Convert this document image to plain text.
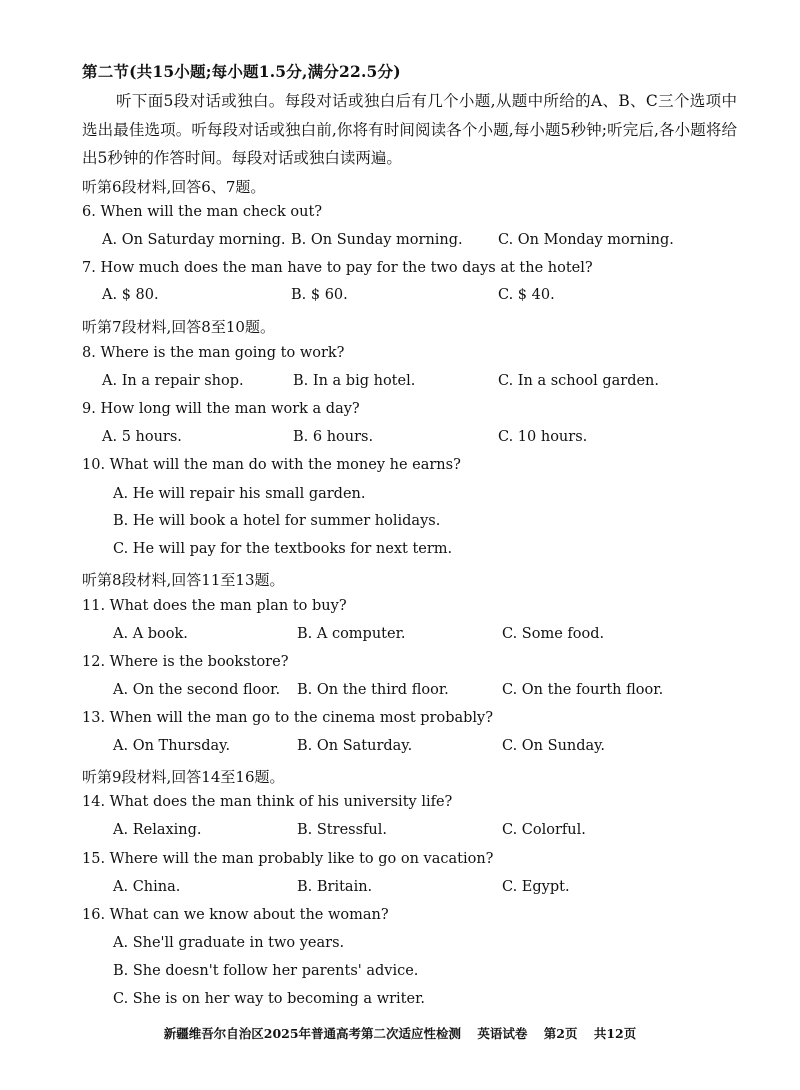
第二节(共15小题;每小题1.5分,满分22.5分)
听下面5段对话或独白。每段对话或独白后有几个小题,从题中所给的A、B、C三个选项中选出最佳选项。听每段对话或独白前,你将有时间阅读各个小题,每小题5秒钟;听完后,各小题将给出5秒钟的作答时间。每段对话或独白读两遍。
听第6段材料,回答6、7题。
6. When will the man check out?
A. On Saturday morning. B. On Sunday morning. C. On Monday morning.
7. How much does the man have to pay for the two days at the hotel?
A. $ 80.	B. $ 60.	C. $ 40.
听第7段材料,回答8至10题。
8. Where is the man going to work?
A. In a repair shop.	B. In a big hotel.	C. In a school garden.
9. How long will the man work a day?
A. 5 hours.	B. 6 hours.	C. 10 hours.
10. What will the man do with the money he earns?
A. He will repair his small garden.
B. He will book a hotel for summer holidays.
C. He will pay for the textbooks for next term.
听第8段材料,回答11至13题。
11. What does the man plan to buy?
A. A book.	B. A computer.	C. Some food.
12. Where is the bookstore?
A. On the second floor. B. On the third floor.	C. On the fourth floor.
13. When will the man go to the cinema most probably?
A. On Thursday.	B. On Saturday.	C. On Sunday.
听第9段材料,回答14至16题。
14. What does the man think of his university life?
A. Relaxing.	B. Stressful.	C. Colorful.
15. Where will the man probably like to go on vacation?
A. China.	B. Britain.	C. Egypt.
16. What can we know about the woman?
A. She'll graduate in two years.
B. She doesn't follow her parents' advice.
C. She is on her way to becoming a writer.
新疆维吾尔自治区2025年普通高考第二次适应性检测 英语试卷 第2页 共12页
